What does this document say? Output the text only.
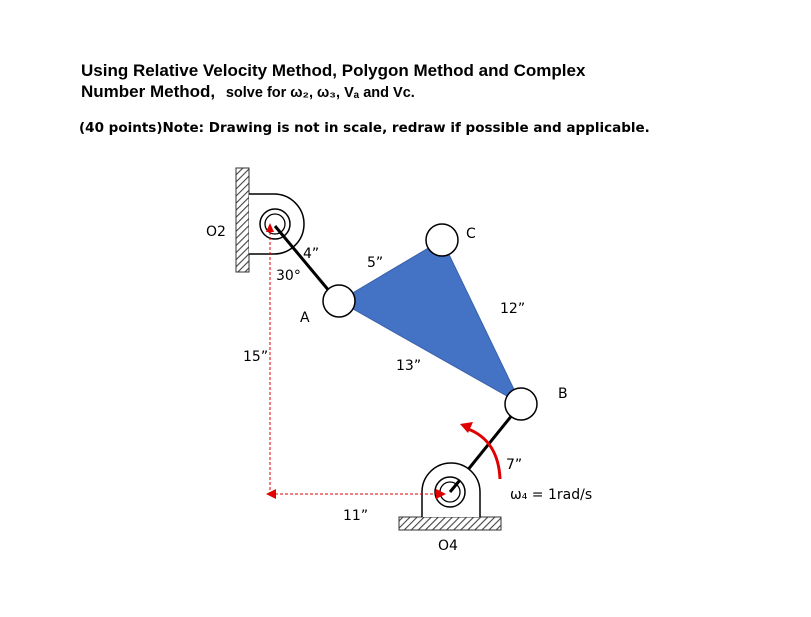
Using Relative Velocity Method, Polygon Method and Complex
Number Method, solve for ω₂, ω₃, Vₐ and Vᴄ.
(40 points)Note: Drawing is not in scale, redraw if possible and applicable.
O2
4”
30°
5”
C
A
12”
15”
13”
B
7”
ω₄ = 1rad/s
11”
O4
